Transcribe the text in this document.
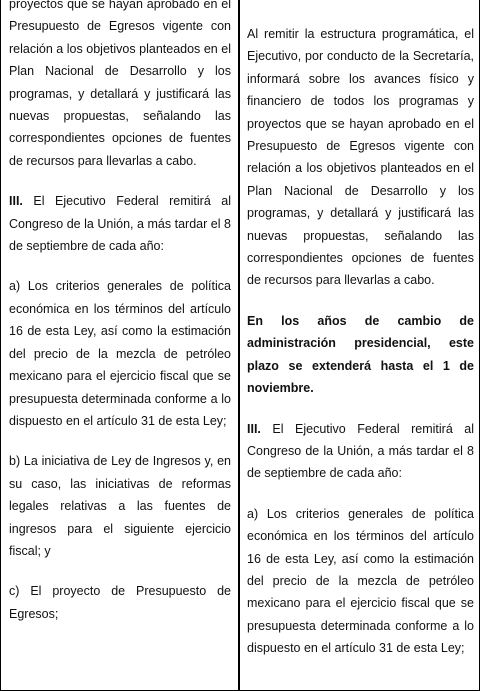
proyectos que se hayan aprobado en el Presupuesto de Egresos vigente con relación a los objetivos planteados en el Plan Nacional de Desarrollo y los programas, y detallará y justificará las nuevas propuestas, señalando las correspondientes opciones de fuentes de recursos para llevarlas a cabo.

III. El Ejecutivo Federal remitirá al Congreso de la Unión, a más tardar el 8 de septiembre de cada año:

a) Los criterios generales de política económica en los términos del artículo 16 de esta Ley, así como la estimación del precio de la mezcla de petróleo mexicano para el ejercicio fiscal que se presupuesta determinada conforme a lo dispuesto en el artículo 31 de esta Ley;

b) La iniciativa de Ley de Ingresos y, en su caso, las iniciativas de reformas legales relativas a las fuentes de ingresos para el siguiente ejercicio fiscal; y

c) El proyecto de Presupuesto de Egresos;

Al remitir la estructura programática, el Ejecutivo, por conducto de la Secretaría, informará sobre los avances físico y financiero de todos los programas y proyectos que se hayan aprobado en el Presupuesto de Egresos vigente con relación a los objetivos planteados en el Plan Nacional de Desarrollo y los programas, y detallará y justificará las nuevas propuestas, señalando las correspondientes opciones de fuentes de recursos para llevarlas a cabo.

En los años de cambio de administración presidencial, este plazo se extenderá hasta el 1 de noviembre.

III. El Ejecutivo Federal remitirá al Congreso de la Unión, a más tardar el 8 de septiembre de cada año:

a) Los criterios generales de política económica en los términos del artículo 16 de esta Ley, así como la estimación del precio de la mezcla de petróleo mexicano para el ejercicio fiscal que se presupuesta determinada conforme a lo dispuesto en el artículo 31 de esta Ley;
